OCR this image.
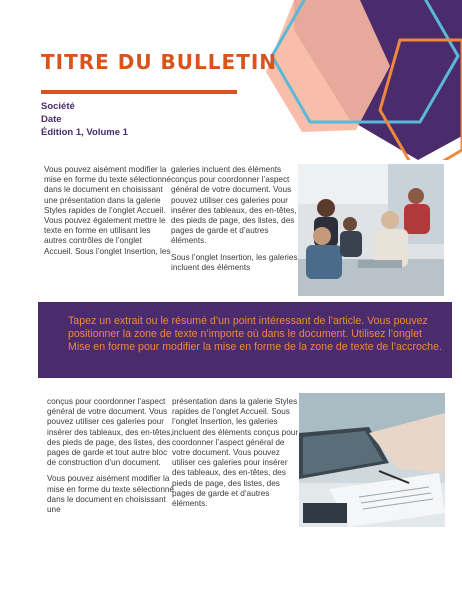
TITRE DU BULLETIN
Société
Date
Édition 1, Volume 1

Vous pouvez aisément modifier la mise en forme du texte sélectionné dans le document en choisissant une présentation dans la galerie Styles rapides de l’onglet Accueil. Vous pouvez également mettre le texte en forme en utilisant les autres contrôles de l’onglet Accueil. Sous l’onglet Insertion, les

galeries incluent des éléments conçus pour coordonner l’aspect général de votre document. Vous pouvez utiliser ces galeries pour insérer des tableaux, des en-têtes, des pieds de page, des listes, des pages de garde et d’autres éléments.

Sous l’onglet Insertion, les galeries incluent des éléments

Tapez un extrait ou le résumé d’un point intéressant de l’article. Vous pouvez positionner la zone de texte n’importe où dans le document. Utilisez l’onglet Mise en forme pour modifier la mise en forme de la zone de texte de l’accroche.

conçus pour coordonner l’aspect général de votre document. Vous pouvez utiliser ces galeries pour insérer des tableaux, des en-têtes, des pieds de page, des listes, des pages de garde et tout autre bloc de construction d’un document.

Vous pouvez aisément modifier la mise en forme du texte sélectionné dans le document en choisissant une

présentation dans la galerie Styles rapides de l’onglet Accueil. Sous l’onglet Insertion, les galeries incluent des éléments conçus pour coordonner l’aspect général de votre document. Vous pouvez utiliser ces galeries pour insérer des tableaux, des en-têtes, des pieds de page, des listes, des pages de garde et d’autres éléments.
